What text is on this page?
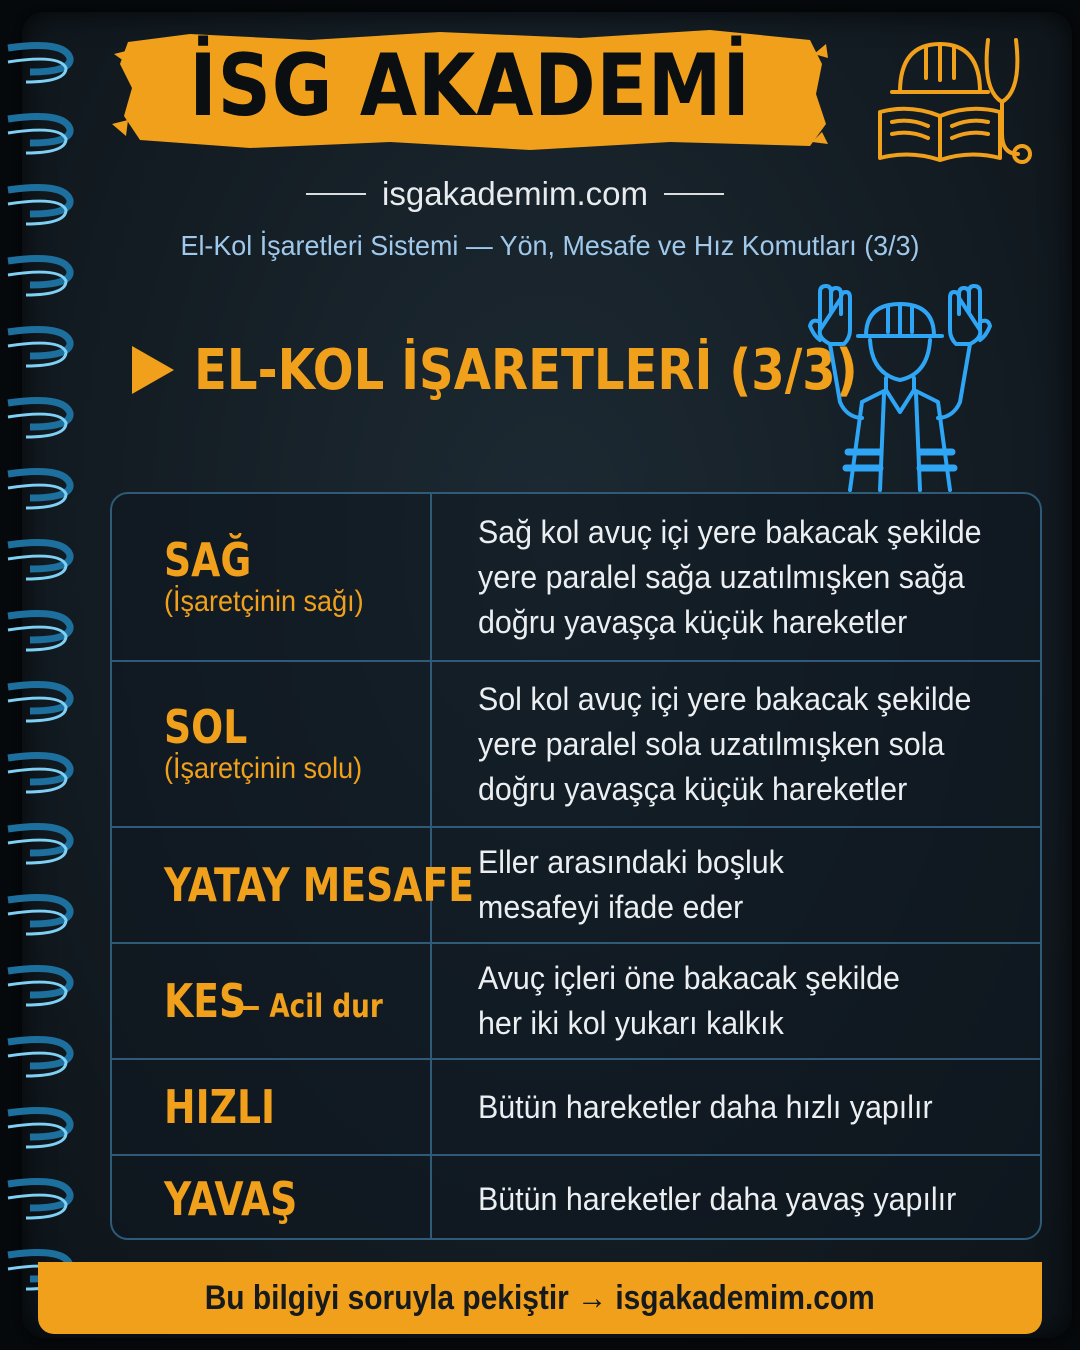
İSG AKADEMİ
isgakademim.com
El-Kol İşaretleri Sistemi — Yön, Mesafe ve Hız Komutları (3/3)
EL-KOL İŞARETLERİ (3/3)
SAĞ
(İşaretçinin sağı)
Sağ kol avuç içi yere bakacak şekilde
yere paralel sağa uzatılmışken sağa
doğru yavaşça küçük hareketler
SOL
(İşaretçinin solu)
Sol kol avuç içi yere bakacak şekilde
yere paralel sola uzatılmışken sola
doğru yavaşça küçük hareketler
YATAY MESAFE Eller arasındaki boşluk
mesafeyi ifade eder
KES
— Acil dur
Avuç içleri öne bakacak şekilde
her iki kol yukarı kalkık
HIZLI	Bütün hareketler daha hızlı yapılır
YAVAŞ	Bütün hareketler daha yavaş yapılır
Bu bilgiyi soruyla pekiştir → isgakademim.com
